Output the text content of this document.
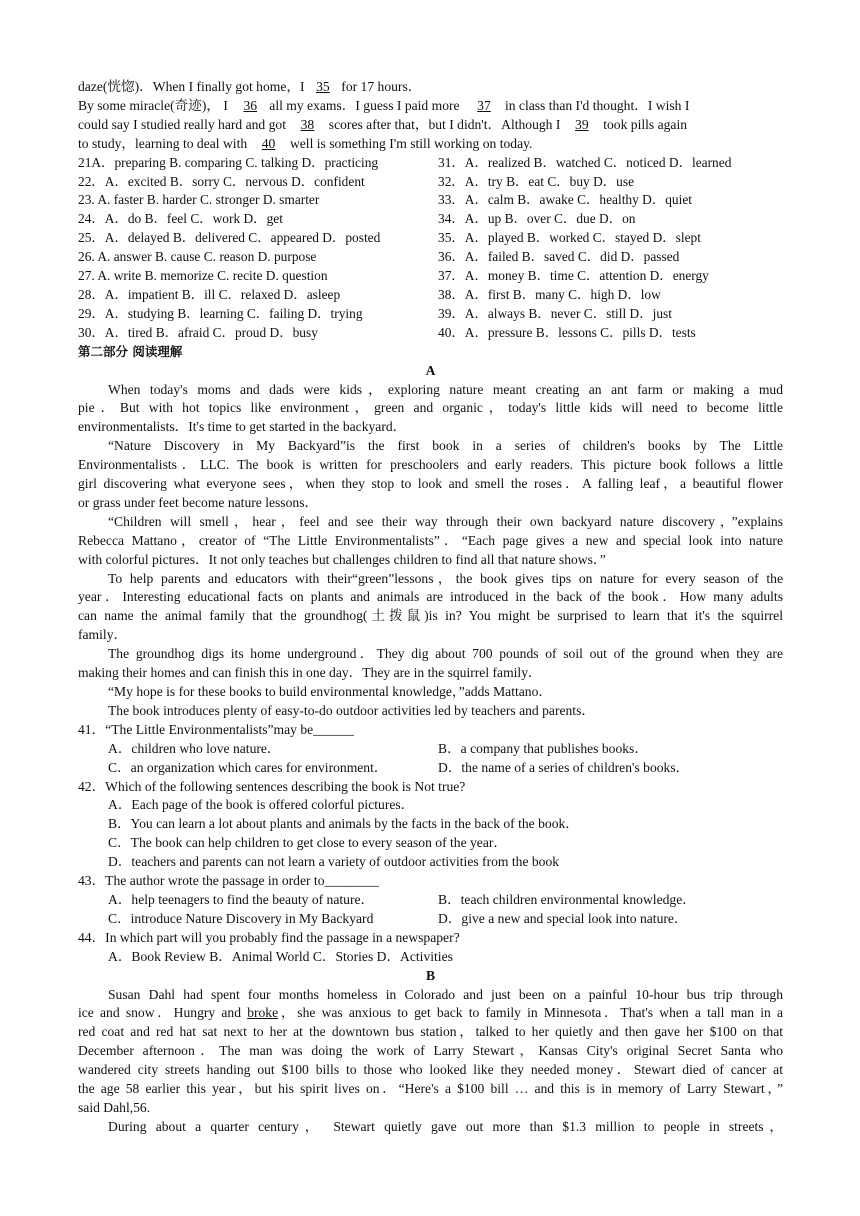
daze(恍惚)．When I finally got home，I 35 for 17 hours．
By some miracle(奇迹)， I 36 all my exams．I guess I paid more 37 in class than I'd thought．I wish I
could say I studied really hard and got 38 scores after that，but I didn't．Although I 39 took pills again
to study，learning to deal with 40 well is something I'm still working on today.
21A．preparing B. comparing C. talking D．practicing
22．A．excited B．sorry C．nervous D．confident
23. A. faster B. harder C. stronger D. smarter
24．A．do B．feel C．work D．get
25．A．delayed B．delivered C．appeared D．posted
26. A. answer B. cause C. reason D. purpose
27. A. write B. memorize C. recite D. question
28．A．impatient B．ill C．relaxed D．asleep
29．A．studying B．learning C．failing D．trying
30．A．tired B．afraid C．proud D．busy
31．A．realized B．watched C．noticed D．learned
32．A．try B．eat C．buy D．use
33．A．calm B．awake C．healthy D．quiet
34．A．up B．over C．due D．on
35．A．played B．worked C．stayed D．slept
36．A．failed B．saved C．did D．passed
37．A．money B．time C．attention D．energy
38．A．first B．many C．high D．low
39．A．always B．never C．still D．just
40．A．pressure B．lessons C．pills D．tests
第二部分 阅读理解
A
When today's moms and dads were kids，exploring nature meant creating an ant farm or making a mud
pie．But with hot topics like environment，green and organic，today's little kids will need to become little
environmentalists．It's time to get started in the backyard．
“Nature Discovery in My Backyard”is the first book in a series of children's books by The Little
Environmentalists．LLC. The book is written for preschoolers and early readers. This picture book follows a little
girl discovering what everyone sees，when they stop to look and smell the roses．A falling leaf，a beautiful flower
or grass under feet become nature lessons．
“Children will smell，hear，feel and see their way through their own backyard nature discovery，”explains
Rebecca Mattano，creator of “The Little Environmentalists”．“Each page gives a new and special look into nature
with colorful pictures．It not only teaches but challenges children to find all that nature shows．”
To help parents and educators with their“green”lessons，the book gives tips on nature for every season of the
year．Interesting educational facts on plants and animals are introduced in the back of the book．How many adults
can name the animal family that the groundhog(土拨鼠)is in? You might be surprised to learn that it's the squirrel
family．
The groundhog digs its home underground．They dig about 700 pounds of soil out of the ground when they are
making their homes and can finish this in one day．They are in the squirrel family．
“My hope is for these books to build environmental knowledge，”adds Mattano．
The book introduces plenty of easy-to-do outdoor activities led by teachers and parents．
41．“The Little Environmentalists”may be______
A．children who love nature．	B．a company that publishes books．
C．an organization which cares for environment．	D．the name of a series of children's books．
42．Which of the following sentences describing the book is Not true?
A．Each page of the book is offered colorful pictures．
B．You can learn a lot about plants and animals by the facts in the back of the book．
C．The book can help children to get close to every season of the year．
D．teachers and parents can not learn a variety of outdoor activities from the book
43．The author wrote the passage in order to________
A．help teenagers to find the beauty of nature．	B．teach children environmental knowledge．
C．introduce Nature Discovery in My Backyard	D．give a new and special look into nature．
44．In which part will you probably find the passage in a newspaper?
A．Book Review B．Animal World C．Stories D．Activities
B
Susan Dahl had spent four months homeless in Colorado and just been on a painful 10-hour bus trip through
ice and snow．Hungry and broke，she was anxious to get back to family in Minnesota．That's when a tall man in a
red coat and red hat sat next to her at the downtown bus station，talked to her quietly and then gave her $100 on that
December afternoon．The man was doing the work of Larry Stewart，Kansas City's original Secret Santa who
wandered city streets handing out $100 bills to those who looked like they needed money．Stewart died of cancer at
the age 58 earlier this year，but his spirit lives on．“Here's a $100 bill … and this is in memory of Larry Stewart，”
said Dahl,56.
During about a quarter century， Stewart quietly gave out more than $1.3 million to people in streets，
